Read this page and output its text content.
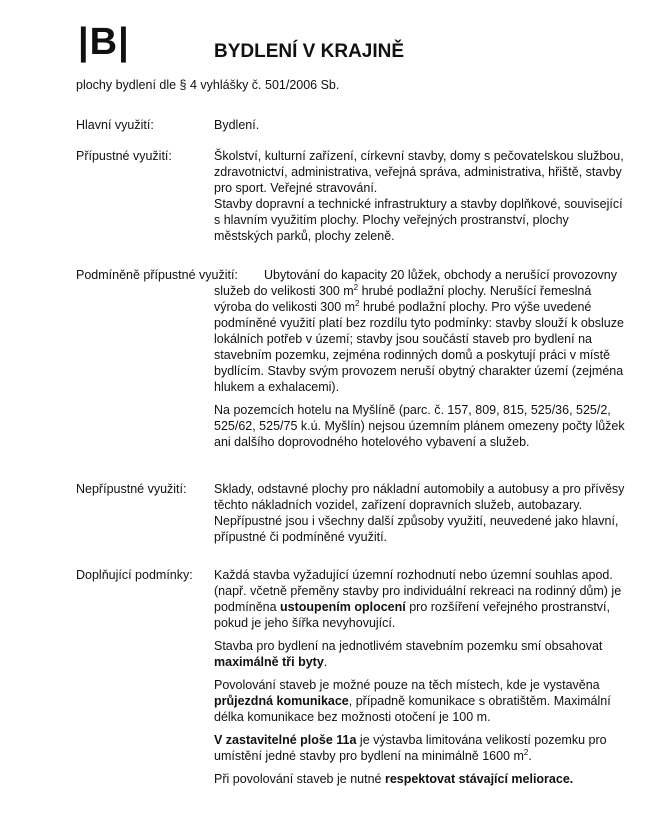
|B|	BYDLENÍ V KRAJINĚ
plochy bydlení dle § 4 vyhlášky č. 501/2006 Sb.
Hlavní využití:	Bydlení.

Přípustné využití:	Školství, kulturní zařízení, církevní stavby, domy s pečovatelskou službou, zdravotnictví, administrativa, veřejná správa, administrativa, hřiště, stavby pro sport. Veřejné stravování.

Stavby dopravní a technické infrastruktury a stavby doplňkové, související s hlavním využitím plochy. Plochy veřejných prostranství, plochy městských parků, plochy zeleně.

Podmíněně přípustné využití:	Ubytování do kapacity 20 lůžek, obchody a nerušící provozovny služeb do velikosti 300 $m^2$ hrubé podlažní plochy. Nerušící řemeslná výroba do velikosti 300 $m^2$ hrubé podlažní plochy. Pro výše uvedené podmíněné využití platí bez rozdílu tyto podmínky: stavby slouží k obsluze lokálních potřeb v území; stavby jsou součástí staveb pro bydlení na stavebním pozemku, zejména rodinných domů a poskytují práci v místě bydlícím. Stavby svým provozem neruší obytný charakter území (zejména hlukem a exhalacemi).

Na pozemcích hotelu na Myšlíně (parc. č. 157, 809, 815, 525/36, 525/2, 525/62, 525/75 k.ú. Myšlín) nejsou územním plánem omezeny počty lůžek ani dalšího doprovodného hotelového vybavení a služeb.

Nepřípustné využití:	Sklady, odstavné plochy pro nákladní automobily a autobusy a pro přívěsy těchto nákladních vozidel, zařízení dopravních služeb, autobazary. Nepřípustné jsou i všechny další způsoby využití, neuvedené jako hlavní, přípustné či podmíněné využití.

Doplňující podmínky:	Každá stavba vyžadující územní rozhodnutí nebo územní souhlas apod. (např. včetně přeměny stavby pro individuální rekreaci na rodinný dům) je podmíněna ustoupením oplocení pro rozšíření veřejného prostranství, pokud je jeho šířka nevyhovující.

Stavba pro bydlení na jednotlivém stavebním pozemku smí obsahovat maximálně tři byty.

Povolování staveb je možné pouze na těch místech, kde je vystavěna průjezdná komunikace, případně komunikace s obratištěm. Maximální délka komunikace bez možnosti otočení je 100 m.

V zastavitelné ploše 11a je výstavba limitována velikostí pozemku pro umístění jedné stavby pro bydlení na minimálně 1600 $m^2$.

Při povolování staveb je nutné respektovat stávající meliorace.
